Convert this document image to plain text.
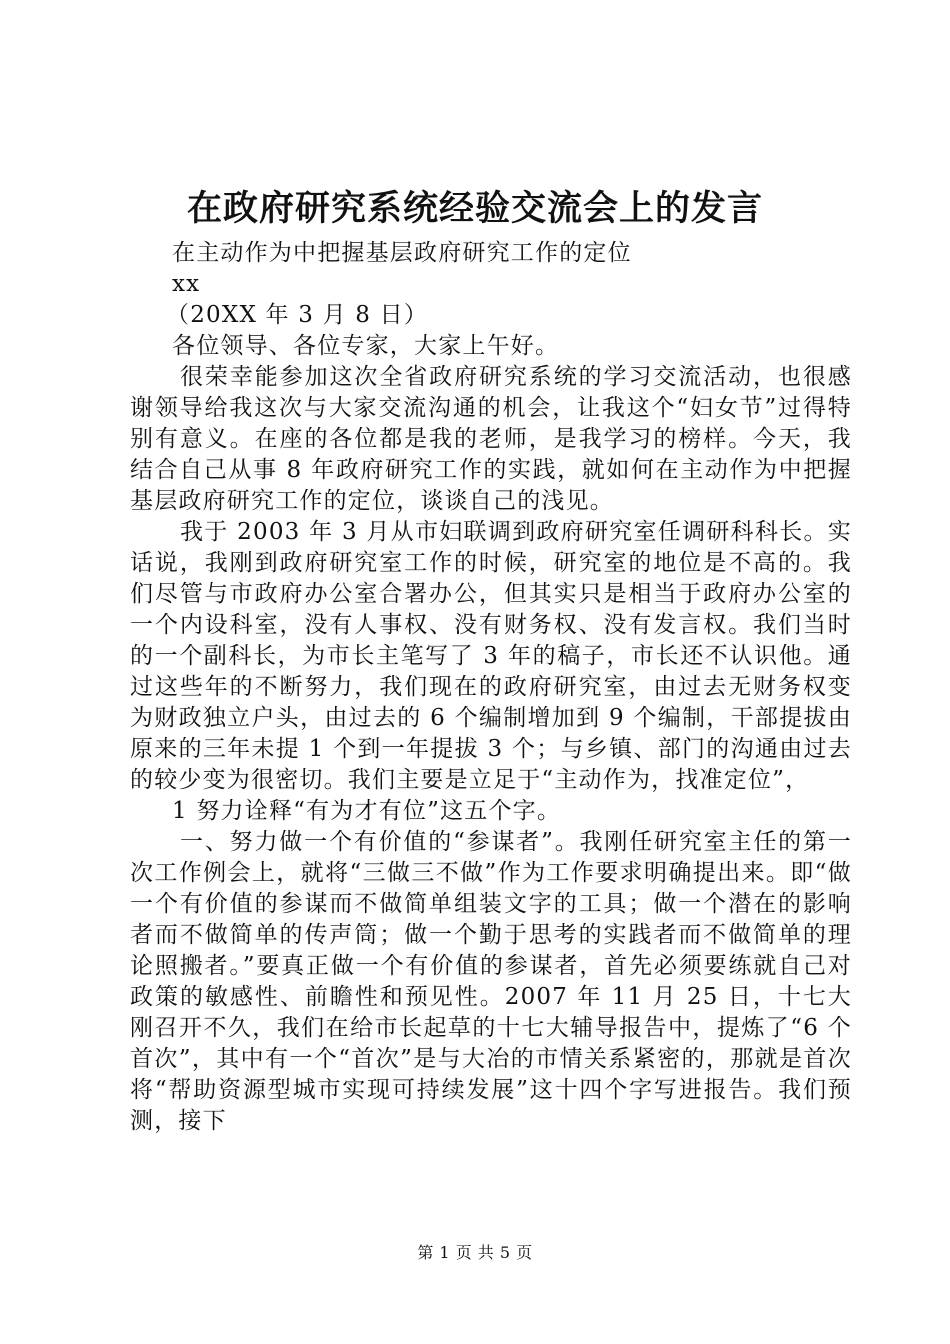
在政府研究系统经验交流会上的发言

在主动作为中把握基层政府研究工作的定位

xx

（20XX 年 3 月 8 日）

各位领导、各位专家，大家上午好。

很荣幸能参加这次全省政府研究系统的学习交流活动，也很感谢领导给我这次与大家交流沟通的机会，让我这个“妇女节”过得特别有意义。在座的各位都是我的老师，是我学习的榜样。今天，我结合自己从事 8 年政府研究工作的实践，就如何在主动作为中把握基层政府研究工作的定位，谈谈自己的浅见。

我于 2003 年 3 月从市妇联调到政府研究室任调研科科长。实话说，我刚到政府研究室工作的时候，研究室的地位是不高的。我们尽管与市政府办公室合署办公，但其实只是相当于政府办公室的一个内设科室，没有人事权、没有财务权、没有发言权。我们当时的一个副科长，为市长主笔写了 3 年的稿子，市长还不认识他。通过这些年的不断努力，我们现在的政府研究室，由过去无财务权变为财政独立户头，由过去的 6 个编制增加到 9 个编制，干部提拔由原来的三年未提 1 个到一年提拔 3 个；与乡镇、部门的沟通由过去的较少变为很密切。我们主要是立足于“主动作为，找准定位”，

1 努力诠释“有为才有位”这五个字。

一、努力做一个有价值的“参谋者”。我刚任研究室主任的第一次工作例会上，就将“三做三不做”作为工作要求明确提出来。即“做一个有价值的参谋而不做简单组装文字的工具；做一个潜在的影响者而不做简单的传声筒；做一个勤于思考的实践者而不做简单的理论照搬者。”要真正做一个有价值的参谋者，首先必须要练就自己对政策的敏感性、前瞻性和预见性。2007 年 11 月 25 日，十七大刚召开不久，我们在给市长起草的十七大辅导报告中，提炼了“6 个首次”，其中有一个“首次”是与大冶的市情关系紧密的，那就是首次将“帮助资源型城市实现可持续发展”这十四个字写进报告。我们预测，接下

第 1 页 共 5 页
